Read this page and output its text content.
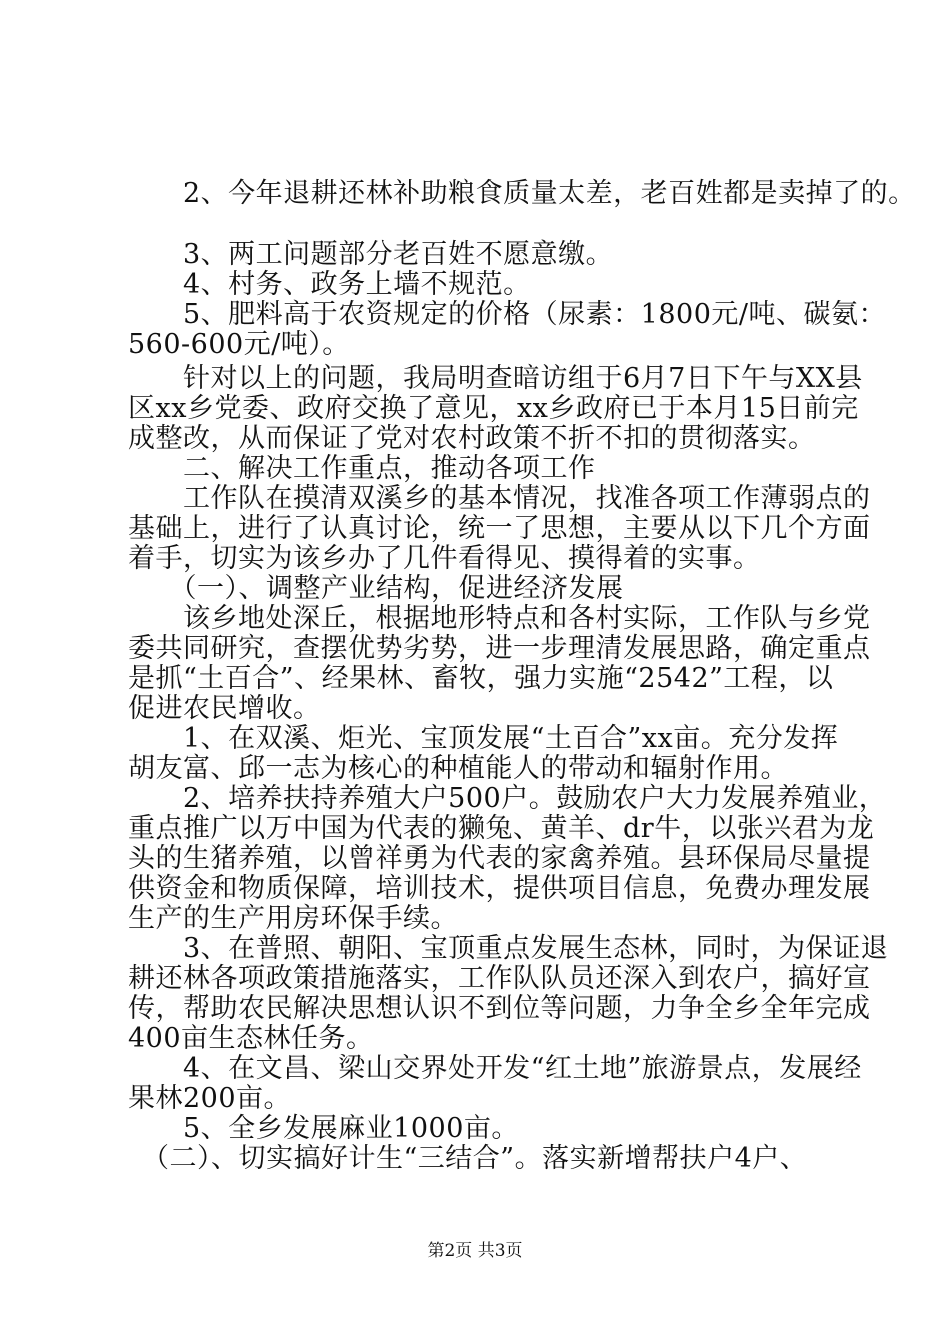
　　2、今年退耕还林补助粮食质量太差，老百姓都是卖掉了的。
　　3、两工问题部分老百姓不愿意缴。
　　4、村务、政务上墙不规范。
　　5、肥料高于农资规定的价格（尿素：1800元/吨、碳氨：
560-600元/吨）。
　　针对以上的问题，我局明查暗访组于6月7日下午与XX县
区xx乡党委、政府交换了意见，xx乡政府已于本月15日前完
成整改，从而保证了党对农村政策不折不扣的贯彻落实。
　　二、解决工作重点，推动各项工作
　　工作队在摸清双溪乡的基本情况，找准各项工作薄弱点的
基础上，进行了认真讨论，统一了思想，主要从以下几个方面
着手，切实为该乡办了几件看得见、摸得着的实事。
　　（一）、调整产业结构，促进经济发展
　　该乡地处深丘，根据地形特点和各村实际，工作队与乡党
委共同研究，查摆优势劣势，进一步理清发展思路，确定重点
是抓“土百合”、经果林、畜牧，强力实施“2542”工程，以
促进农民增收。
　　1、在双溪、炬光、宝顶发展“土百合”xx亩。充分发挥
胡友富、邱一志为核心的种植能人的带动和辐射作用。
　　2、培养扶持养殖大户500户。鼓励农户大力发展养殖业，
重点推广以万中国为代表的獭兔、黄羊、dr牛，以张兴君为龙
头的生猪养殖，以曾祥勇为代表的家禽养殖。县环保局尽量提
供资金和物质保障，培训技术，提供项目信息，免费办理发展
生产的生产用房环保手续。
　　3、在普照、朝阳、宝顶重点发展生态林，同时，为保证退
耕还林各项政策措施落实，工作队队员还深入到农户，搞好宣
传，帮助农民解决思想认识不到位等问题，力争全乡全年完成
400亩生态林任务。
　　4、在文昌、梁山交界处开发“红土地”旅游景点，发展经
果林200亩。
　　5、全乡发展麻业1000亩。
　（二）、切实搞好计生“三结合”。落实新增帮扶户4户、
第2页 共3页
